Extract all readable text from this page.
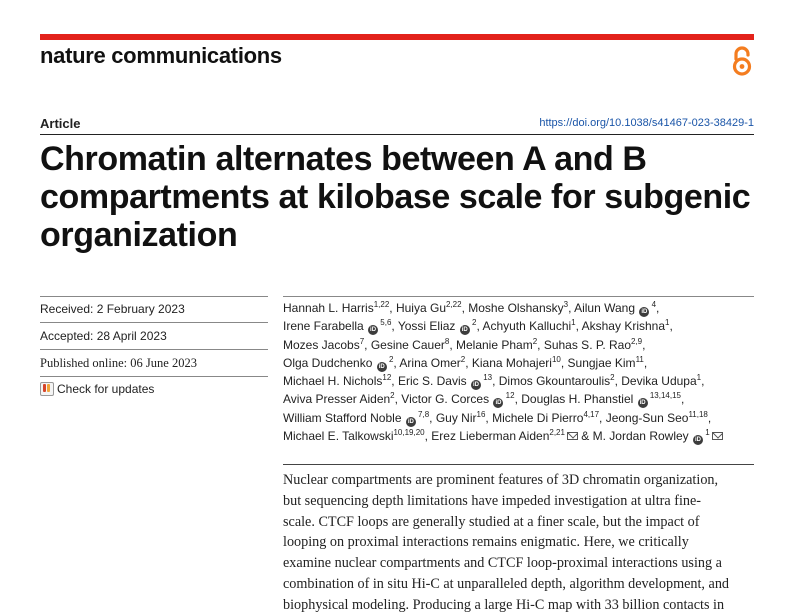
nature communications
Article	https://doi.org/10.1038/s41467-023-38429-1
Chromatin alternates between A and B
compartments at kilobase scale for subgenic
organization
Received: 2 February 2023
Accepted: 28 April 2023
Published online: 06 June 2023
Check for updates
Hannah L. Harris$^{1,22}$, Huiya Gu$^{2,22}$, Moshe Olshansky$^3$, Ailun Wang iD $^4$,
Irene Farabella iD $^{5,6}$, Yossi Eliaz iD $^2$, Achyuth Kalluchi$^1$, Akshay Krishna$^1$,
Mozes Jacobs$^7$, Gesine Cauer$^8$, Melanie Pham$^2$, Suhas S. P. Rao$^{2,9}$,
Olga Dudchenko iD $^2$, Arina Omer$^2$, Kiana Mohajeri$^{10}$, Sungjae Kim$^{11}$,
Michael H. Nichols$^{12}$, Eric S. Davis iD $^{13}$, Dimos Gkountaroulis$^2$, Devika Udupa$^1$,
Aviva Presser Aiden$^2$, Victor G. Corces iD $^{12}$, Douglas H. Phanstiel iD $^{13,14,15}$,
William Stafford Noble iD $^{7,8}$, Guy Nir$^{16}$, Michele Di Pierro$^{4,17}$, Jeong-Sun Seo$^{11,18}$,
Michael E. Talkowski$^{10,19,20}$, Erez Lieberman Aiden$^{2,21}$ & M. Jordan Rowley iD $^1$
Nuclear compartments are prominent features of 3D chromatin organization,
but sequencing depth limitations have impeded investigation at ultra fine-
scale. CTCF loops are generally studied at a finer scale, but the impact of
looping on proximal interactions remains enigmatic. Here, we critically
examine nuclear compartments and CTCF loop-proximal interactions using a
combination of in situ Hi-C at unparalleled depth, algorithm development, and
biophysical modeling. Producing a large Hi-C map with 33 billion contacts in
